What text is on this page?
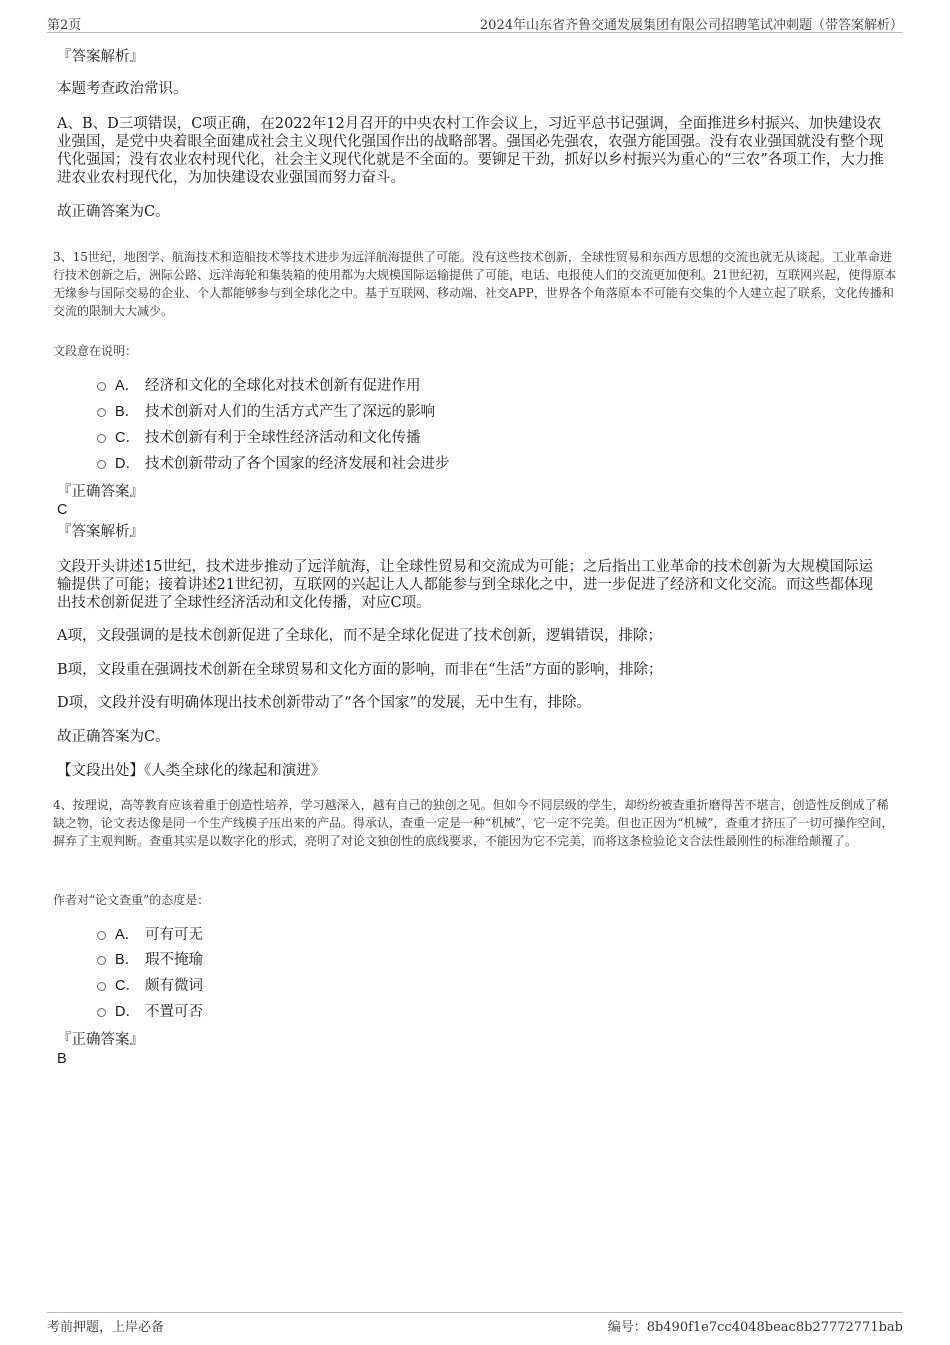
第2页	2024年山东省齐鲁交通发展集团有限公司招聘笔试冲刺题（带答案解析）
『答案解析』
本题考查政治常识。
A、B、D三项错误，C项正确，在2022年12月召开的中央农村工作会议上，习近平总书记强调，全面推进乡村振兴、加快建设农业强国，是党中央着眼全面建成社会主义现代化强国作出的战略部署。强国必先强农，农强方能国强。没有农业强国就没有整个现代化强国；没有农业农村现代化，社会主义现代化就是不全面的。要铆足干劲，抓好以乡村振兴为重心的“三农”各项工作，大力推进农业农村现代化，为加快建设农业强国而努力奋斗。
故正确答案为C。
3、15世纪，地图学、航海技术和造船技术等技术进步为远洋航海提供了可能。没有这些技术创新，全球性贸易和东西方思想的交流也就无从谈起。工业革命进行技术创新之后，洲际公路、远洋海轮和集装箱的使用都为大规模国际运输提供了可能，电话、电报使人们的交流更加便利。21世纪初，互联网兴起，使得原本无缘参与国际交易的企业、个人都能够参与到全球化之中。基于互联网、移动端、社交APP，世界各个角落原本不可能有交集的个人建立起了联系，文化传播和交流的限制大大减少。
文段意在说明：
A． 经济和文化的全球化对技术创新有促进作用
B． 技术创新对人们的生活方式产生了深远的影响
C． 技术创新有利于全球性经济活动和文化传播
D． 技术创新带动了各个国家的经济发展和社会进步
『正确答案』
C
『答案解析』
文段开头讲述15世纪，技术进步推动了远洋航海，让全球性贸易和交流成为可能；之后指出工业革命的技术创新为大规模国际运输提供了可能；接着讲述21世纪初，互联网的兴起让人人都能参与到全球化之中，进一步促进了经济和文化交流。而这些都体现出技术创新促进了全球性经济活动和文化传播，对应C项。
A项，文段强调的是技术创新促进了全球化，而不是全球化促进了技术创新，逻辑错误，排除；
B项，文段重在强调技术创新在全球贸易和文化方面的影响，而非在“生活”方面的影响，排除；
D项，文段并没有明确体现出技术创新带动了“各个国家”的发展，无中生有，排除。
故正确答案为C。
【文段出处】《人类全球化的缘起和演进》
4、按理说，高等教育应该着重于创造性培养，学习越深入，越有自己的独创之见。但如今不同层级的学生，却纷纷被查重折磨得苦不堪言，创造性反倒成了稀缺之物，论文表达像是同一个生产线模子压出来的产品。得承认，查重一定是一种“机械”，它一定不完美。但也正因为“机械”，查重才挤压了一切可操作空间，摒弃了主观判断。查重其实是以数字化的形式，亮明了对论文独创性的底线要求，不能因为它不完美，而将这条检验论文合法性最刚性的标准给颠覆了。
作者对“论文查重”的态度是：
A． 可有可无
B． 瑕不掩瑜
C． 颇有微词
D． 不置可否
『正确答案』
B
考前押题，上岸必备	编号：8b490f1e7cc4048beac8b27772771bab
